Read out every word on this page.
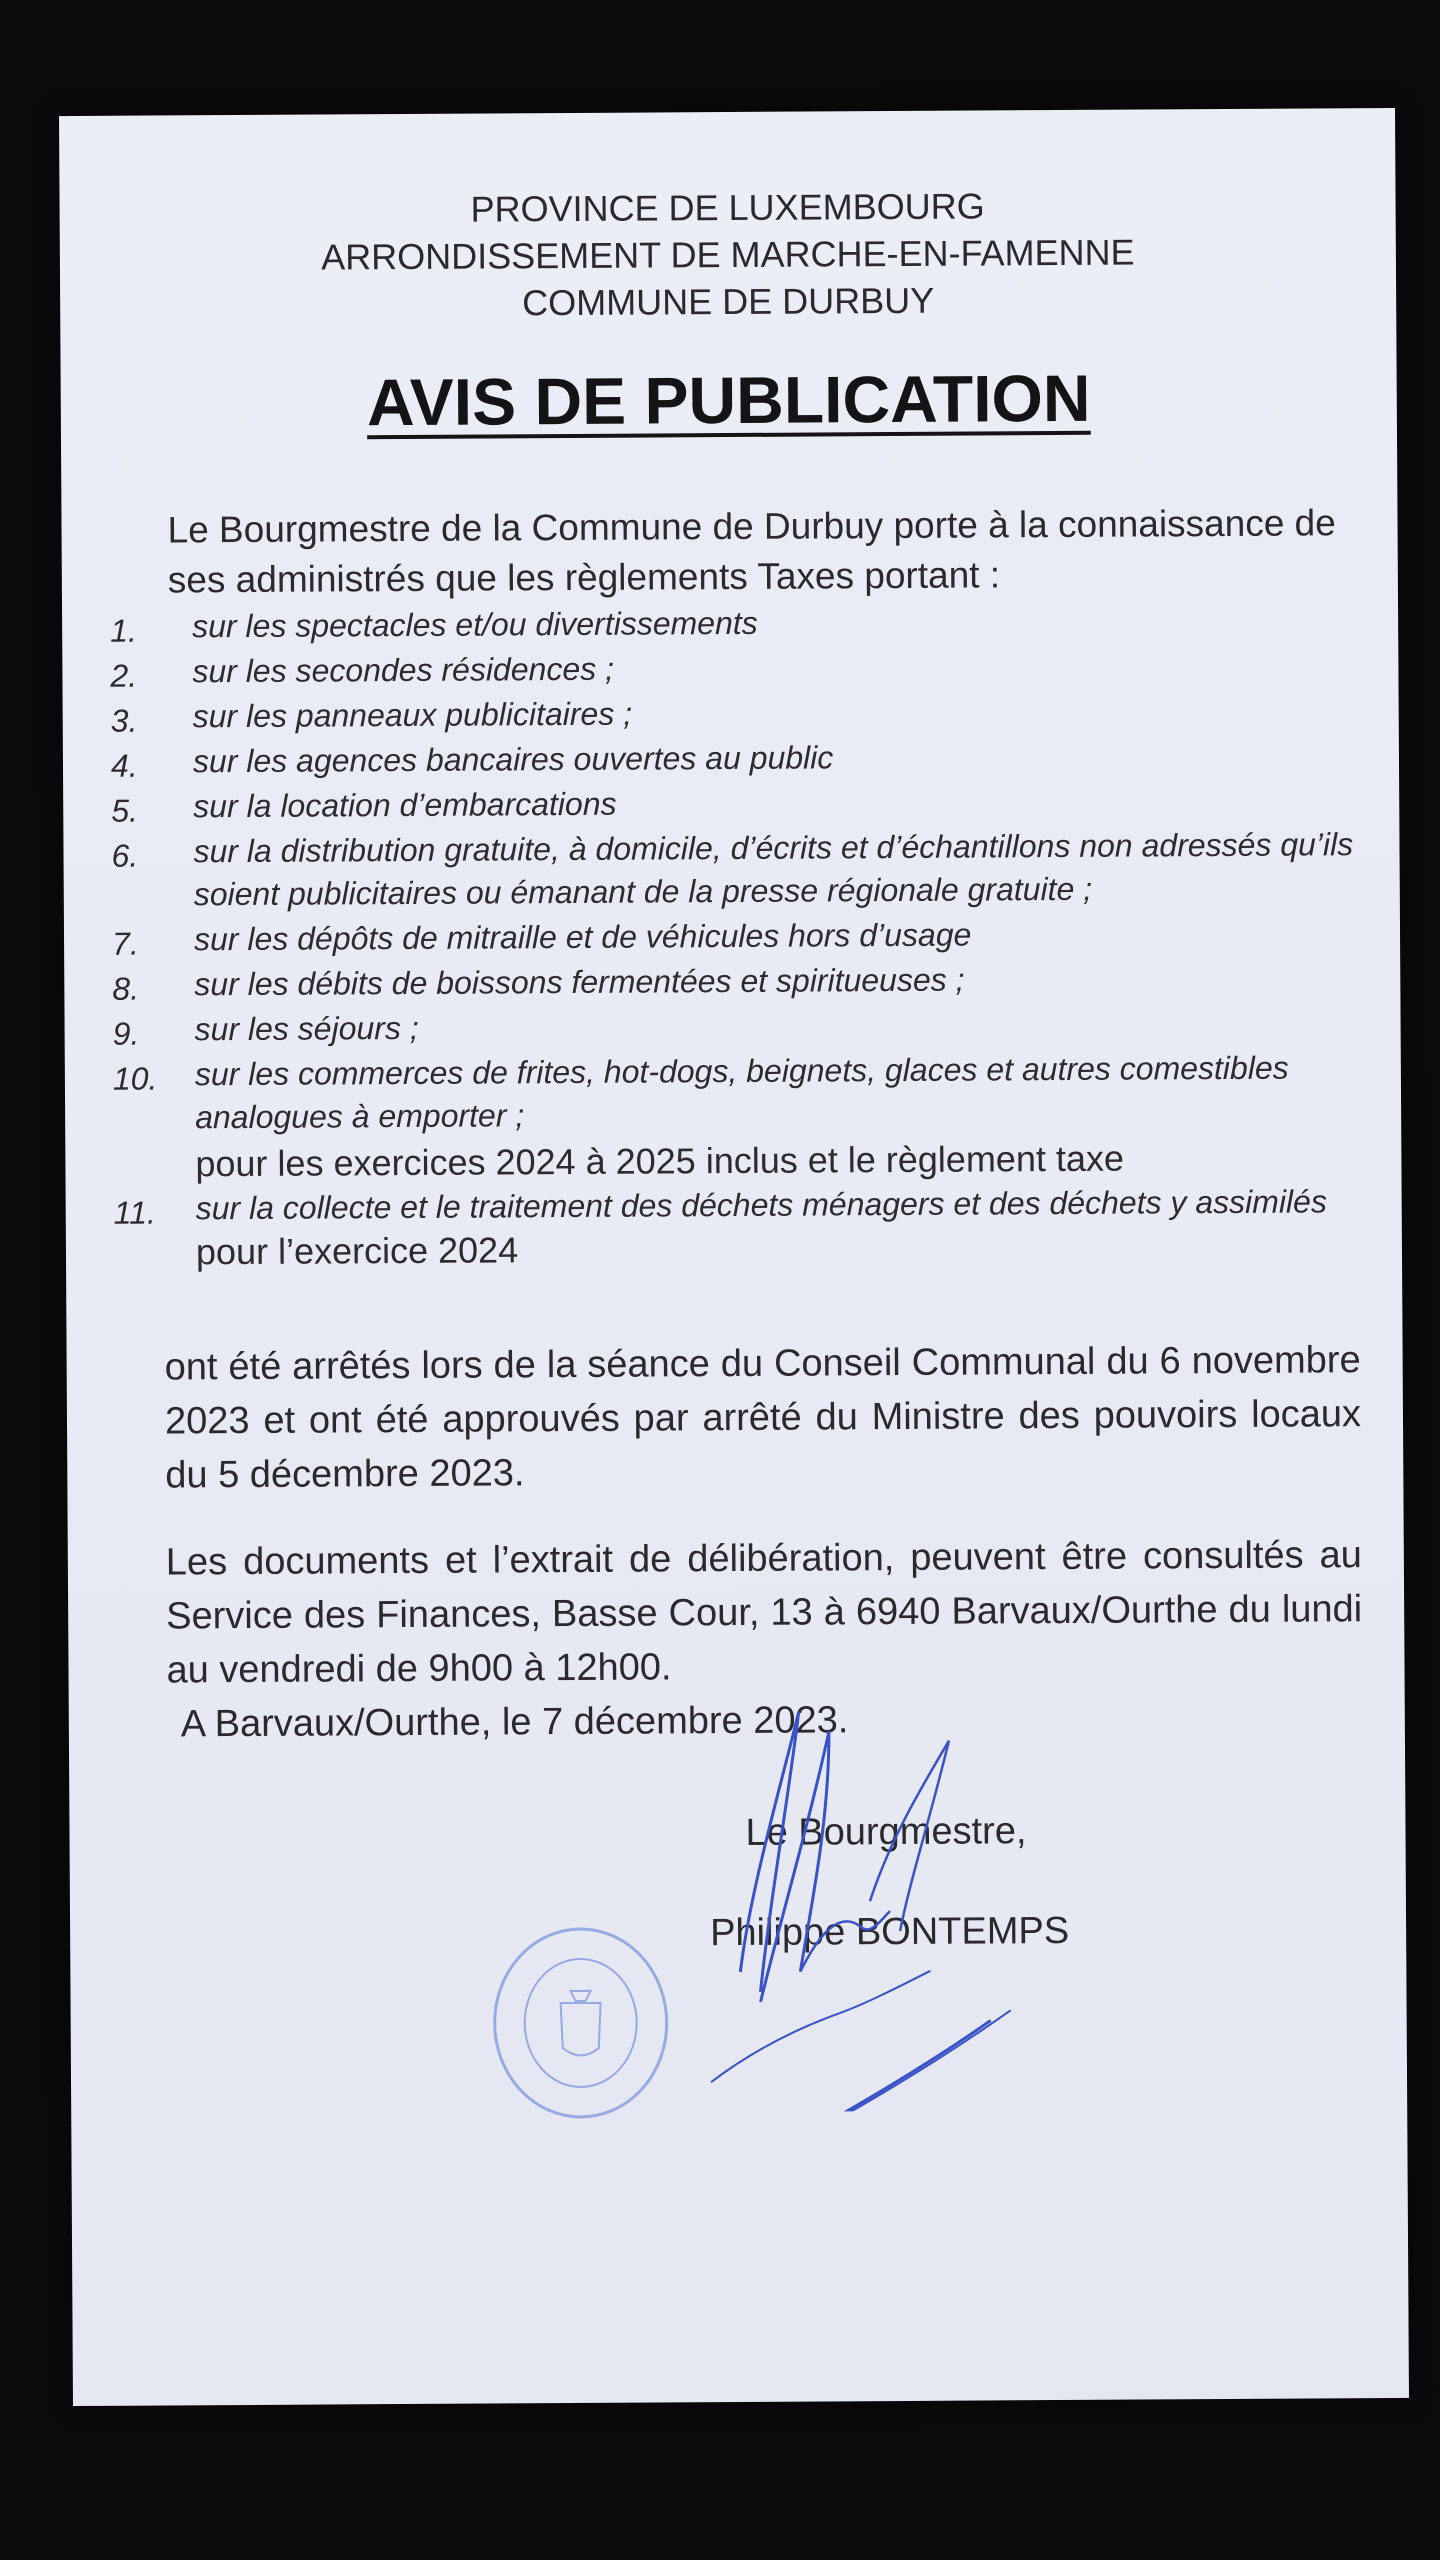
PROVINCE DE LUXEMBOURG
ARRONDISSEMENT DE MARCHE-EN-FAMENNE
COMMUNE DE DURBUY
AVIS DE PUBLICATION
Le Bourgmestre de la Commune de Durbuy porte à la connaissance de ses administrés que les règlements Taxes portant :
1.	sur les spectacles et/ou divertissements
2.	sur les secondes résidences ;
3.	sur les panneaux publicitaires ;
4.	sur les agences bancaires ouvertes au public
5.	sur la location d’embarcations
6.	sur la distribution gratuite, à domicile, d’écrits et d’échantillons non adressés qu’ils soient publicitaires ou émanant de la presse régionale gratuite ;
7.	sur les dépôts de mitraille et de véhicules hors d’usage
8.	sur les débits de boissons fermentées et spiritueuses ;
9.	sur les séjours ;
10.	sur les commerces de frites, hot-dogs, beignets, glaces et autres comestibles analogues à emporter ;
pour les exercices 2024 à 2025 inclus et le règlement taxe
11.	sur la collecte et le traitement des déchets ménagers et des déchets y assimilés pour l’exercice 2024
ont été arrêtés lors de la séance du Conseil Communal du 6 novembre 2023 et ont été approuvés par arrêté du Ministre des pouvoirs locaux du 5 décembre 2023.
Les documents et l’extrait de délibération, peuvent être consultés au Service des Finances, Basse Cour, 13 à 6940 Barvaux/Ourthe du lundi au vendredi de 9h00 à 12h00.
A Barvaux/Ourthe, le 7 décembre 2023.
Le Bourgmestre,
Philippe BONTEMPS
